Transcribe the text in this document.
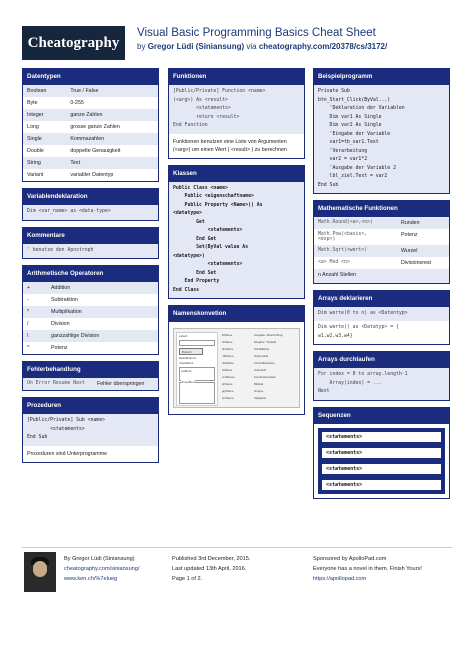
Cheatography
Visual Basic Programming Basics Cheat Sheet
by Gregor Lüdi (Siniansung) via cheatography.com/20378/cs/3172/
Datentypen
Boolean	True / False
Byte	0-255
Integer	ganze Zahlen
Long	grosse ganze Zahlen
Single	Kommazahlen
Double	doppelte Genauigkeit
String	Text
Variant	variabler Datentyp
Variablendeklaration
Dim <var_name> as <data-type>
Kommentare
' benutze den Apostroph
Arithmetische Operatoren
+	Addition
-	Subtraktion
*	Multiplikation
/	Division
\	ganzzahlige Division
^	Potenz
Fehlerbehandlung
On Error Resume Next	Fehler überspringen
Prozeduren
[Public/Private] Sub <name>
<statements>
End Sub
Prozeduren sind Unterprogramme
Funktionen
[Public/Private] Function <name>
(<arg>) As <result>
<statements>
return <result>
End Function
Funktionen benutzen eine Liste von Argumenten (<arg>) um einen Wert ( <result> ) zu berechnen
Klassen
Public Class <name>
Public <eigenschaftname>
Public Property <Name>() As
<datatype>
Get
<statements>
End Get
Set(ByVal value As
<datatype>)
<statements>
End Set
End Property
End Class
Namenskonvetion
Label1
Button1
RadioButton1
CheckBox1
ListBox1
GroupBox1
lblName
txtName
btnName
rdbName
chkName
lstName
cmbName
pbName
grpName
tmrName
Ausgabe / Beschriftung
Eingabe / Textfeld
Schaltfläche
Optionsfeld
Kontrollkästchen
Listenfeld
Kombinationsfeld
Bildfeld
Gruppe
Taktgeber
Beispielprogramm
Private Sub
btn_Start_Click(ByVal...)
'Deklaration der Variablen
Dim var1 As Single
Dim var2 As Single
'Eingabe der Variable
var1=tb_var1.Text
'Verarbeitung
var2 = var1*2
'Ausgabe der Variable 2
lbl_ziel.Text = var2
End Sub
Mathematische Funktionen
Math.Round(<a>,<n>)	Runden
Math.Pow(<basis>,
<exp>)	Potenz
Math.Sqrt(<wert>)	Wurzel
<a> Mod <n>	Divisionsrest
n Anzahl Stellen
Arrays deklarieren
Dim werte(0 to n) as <Datentyp>
Dim werte() as <Datatyp> = {
w1,w2,w3,w4}
Arrays durchlaufen
For index = 0 to array.length-1
Array(index) = ...
Next
Sequenzen
<statements>
<statements>
<statements>
<statements>
By Gregor Lüdi (Siniansung)
cheatography.com/siniansung/
www.ken.ch/%7elueg
Published 3rd December, 2015.
Last updated 13th April, 2016.
Page 1 of 2.
Sponsored by ApolloPad.com
Everyone has a novel in them. Finish Yours!
https://apollopad.com
